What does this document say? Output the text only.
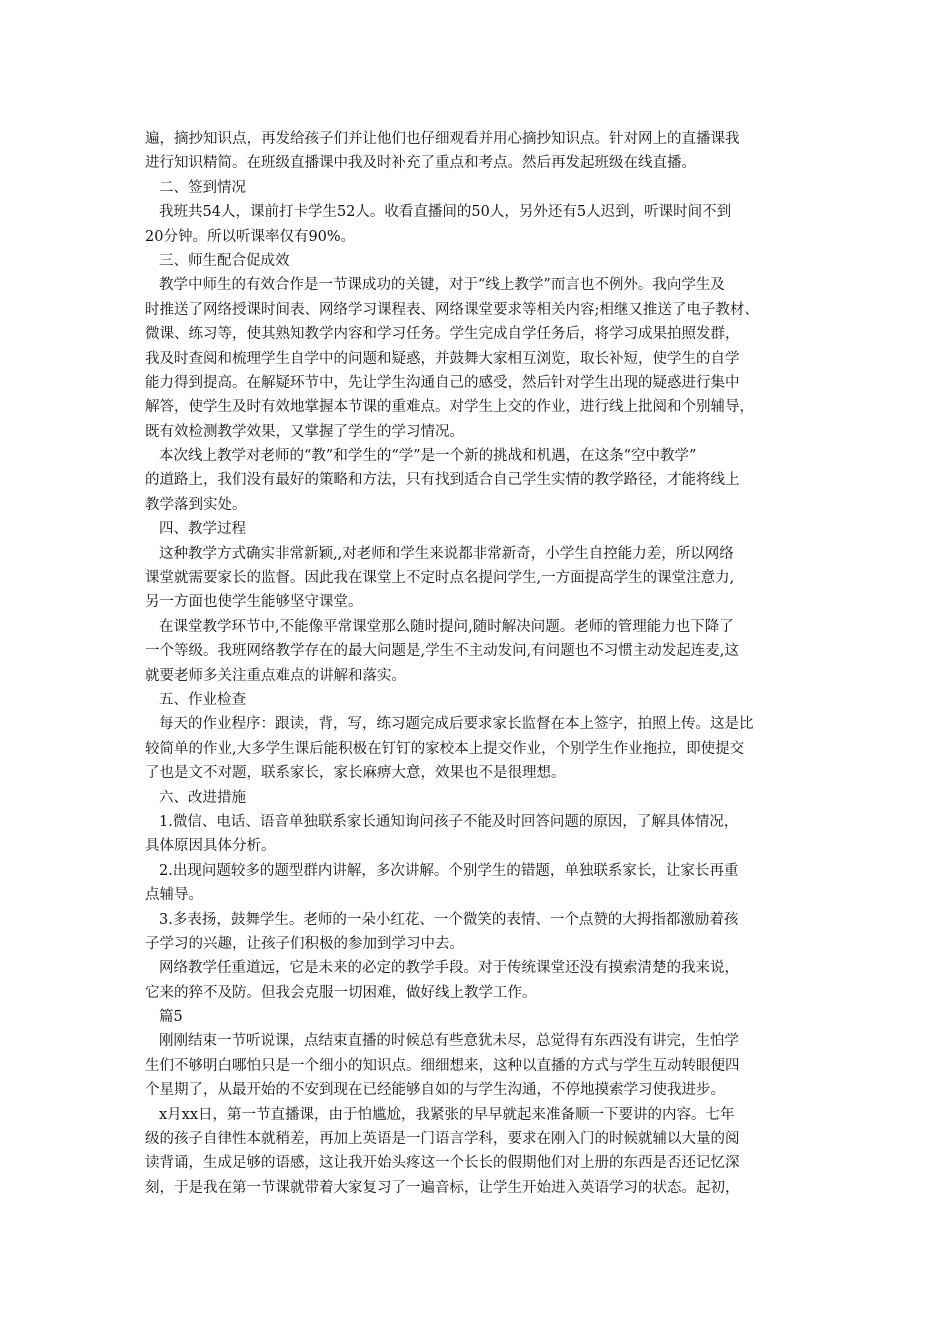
遍，摘抄知识点，再发给孩子们并让他们也仔细观看并用心摘抄知识点。针对网上的直播课我
进行知识精简。在班级直播课中我及时补充了重点和考点。然后再发起班级在线直播。
二、签到情况
我班共54人，课前打卡学生52人。收看直播间的50人，另外还有5人迟到，听课时间不到
20分钟。所以听课率仅有90%。
三、师生配合促成效
教学中师生的有效合作是一节课成功的关键，对于“线上教学”而言也不例外。我向学生及
时推送了网络授课时间表、网络学习课程表、网络课堂要求等相关内容;相继又推送了电子教材、
微课、练习等，使其熟知教学内容和学习任务。学生完成自学任务后，将学习成果拍照发群，
我及时查阅和梳理学生自学中的问题和疑惑，并鼓舞大家相互浏览，取长补短，使学生的自学
能力得到提高。在解疑环节中，先让学生沟通自己的感受，然后针对学生出现的疑惑进行集中
解答，使学生及时有效地掌握本节课的重难点。对学生上交的作业，进行线上批阅和个别辅导，
既有效检测教学效果，又掌握了学生的学习情况。
本次线上教学对老师的“教”和学生的“学”是一个新的挑战和机遇，在这条“空中教学”
的道路上，我们没有最好的策略和方法，只有找到适合自己学生实情的教学路径，才能将线上
教学落到实处。
四、教学过程
这种教学方式确实非常新颖,,对老师和学生来说都非常新奇，小学生自控能力差，所以网络
课堂就需要家长的监督。因此我在课堂上不定时点名提问学生,一方面提高学生的课堂注意力,
另一方面也使学生能够坚守课堂。
在课堂教学环节中,不能像平常课堂那么随时提问,随时解决问题。老师的管理能力也下降了
一个等级。我班网络教学存在的最大问题是,学生不主动发问,有问题也不习惯主动发起连麦,这
就要老师多关注重点难点的讲解和落实。
五、作业检查
每天的作业程序：跟读，背，写，练习题完成后要求家长监督在本上签字，拍照上传。这是比
较简单的作业,大多学生课后能积极在钉钉的家校本上提交作业，个别学生作业拖拉，即使提交
了也是文不对题，联系家长，家长麻痹大意，效果也不是很理想。
六、改进措施
1.微信、电话、语音单独联系家长通知询问孩子不能及时回答问题的原因，了解具体情况，
具体原因具体分析。
2.出现问题较多的题型群内讲解，多次讲解。个别学生的错题，单独联系家长，让家长再重
点辅导。
3.多表扬，鼓舞学生。老师的一朵小红花、一个微笑的表情、一个点赞的大拇指都激励着孩
子学习的兴趣，让孩子们积极的参加到学习中去。
网络教学任重道远，它是未来的必定的教学手段。对于传统课堂还没有摸索清楚的我来说，
它来的猝不及防。但我会克服一切困难，做好线上教学工作。
篇5
刚刚结束一节听说课，点结束直播的时候总有些意犹未尽，总觉得有东西没有讲完，生怕学
生们不够明白哪怕只是一个细小的知识点。细细想来，这种以直播的方式与学生互动转眼便四
个星期了，从最开始的不安到现在已经能够自如的与学生沟通，不停地摸索学习使我进步。
x月xx日，第一节直播课，由于怕尴尬，我紧张的早早就起来准备顺一下要讲的内容。七年
级的孩子自律性本就稍差，再加上英语是一门语言学科，要求在刚入门的时候就辅以大量的阅
读背诵，生成足够的语感，这让我开始头疼这一个长长的假期他们对上册的东西是否还记忆深
刻，于是我在第一节课就带着大家复习了一遍音标，让学生开始进入英语学习的状态。起初，
